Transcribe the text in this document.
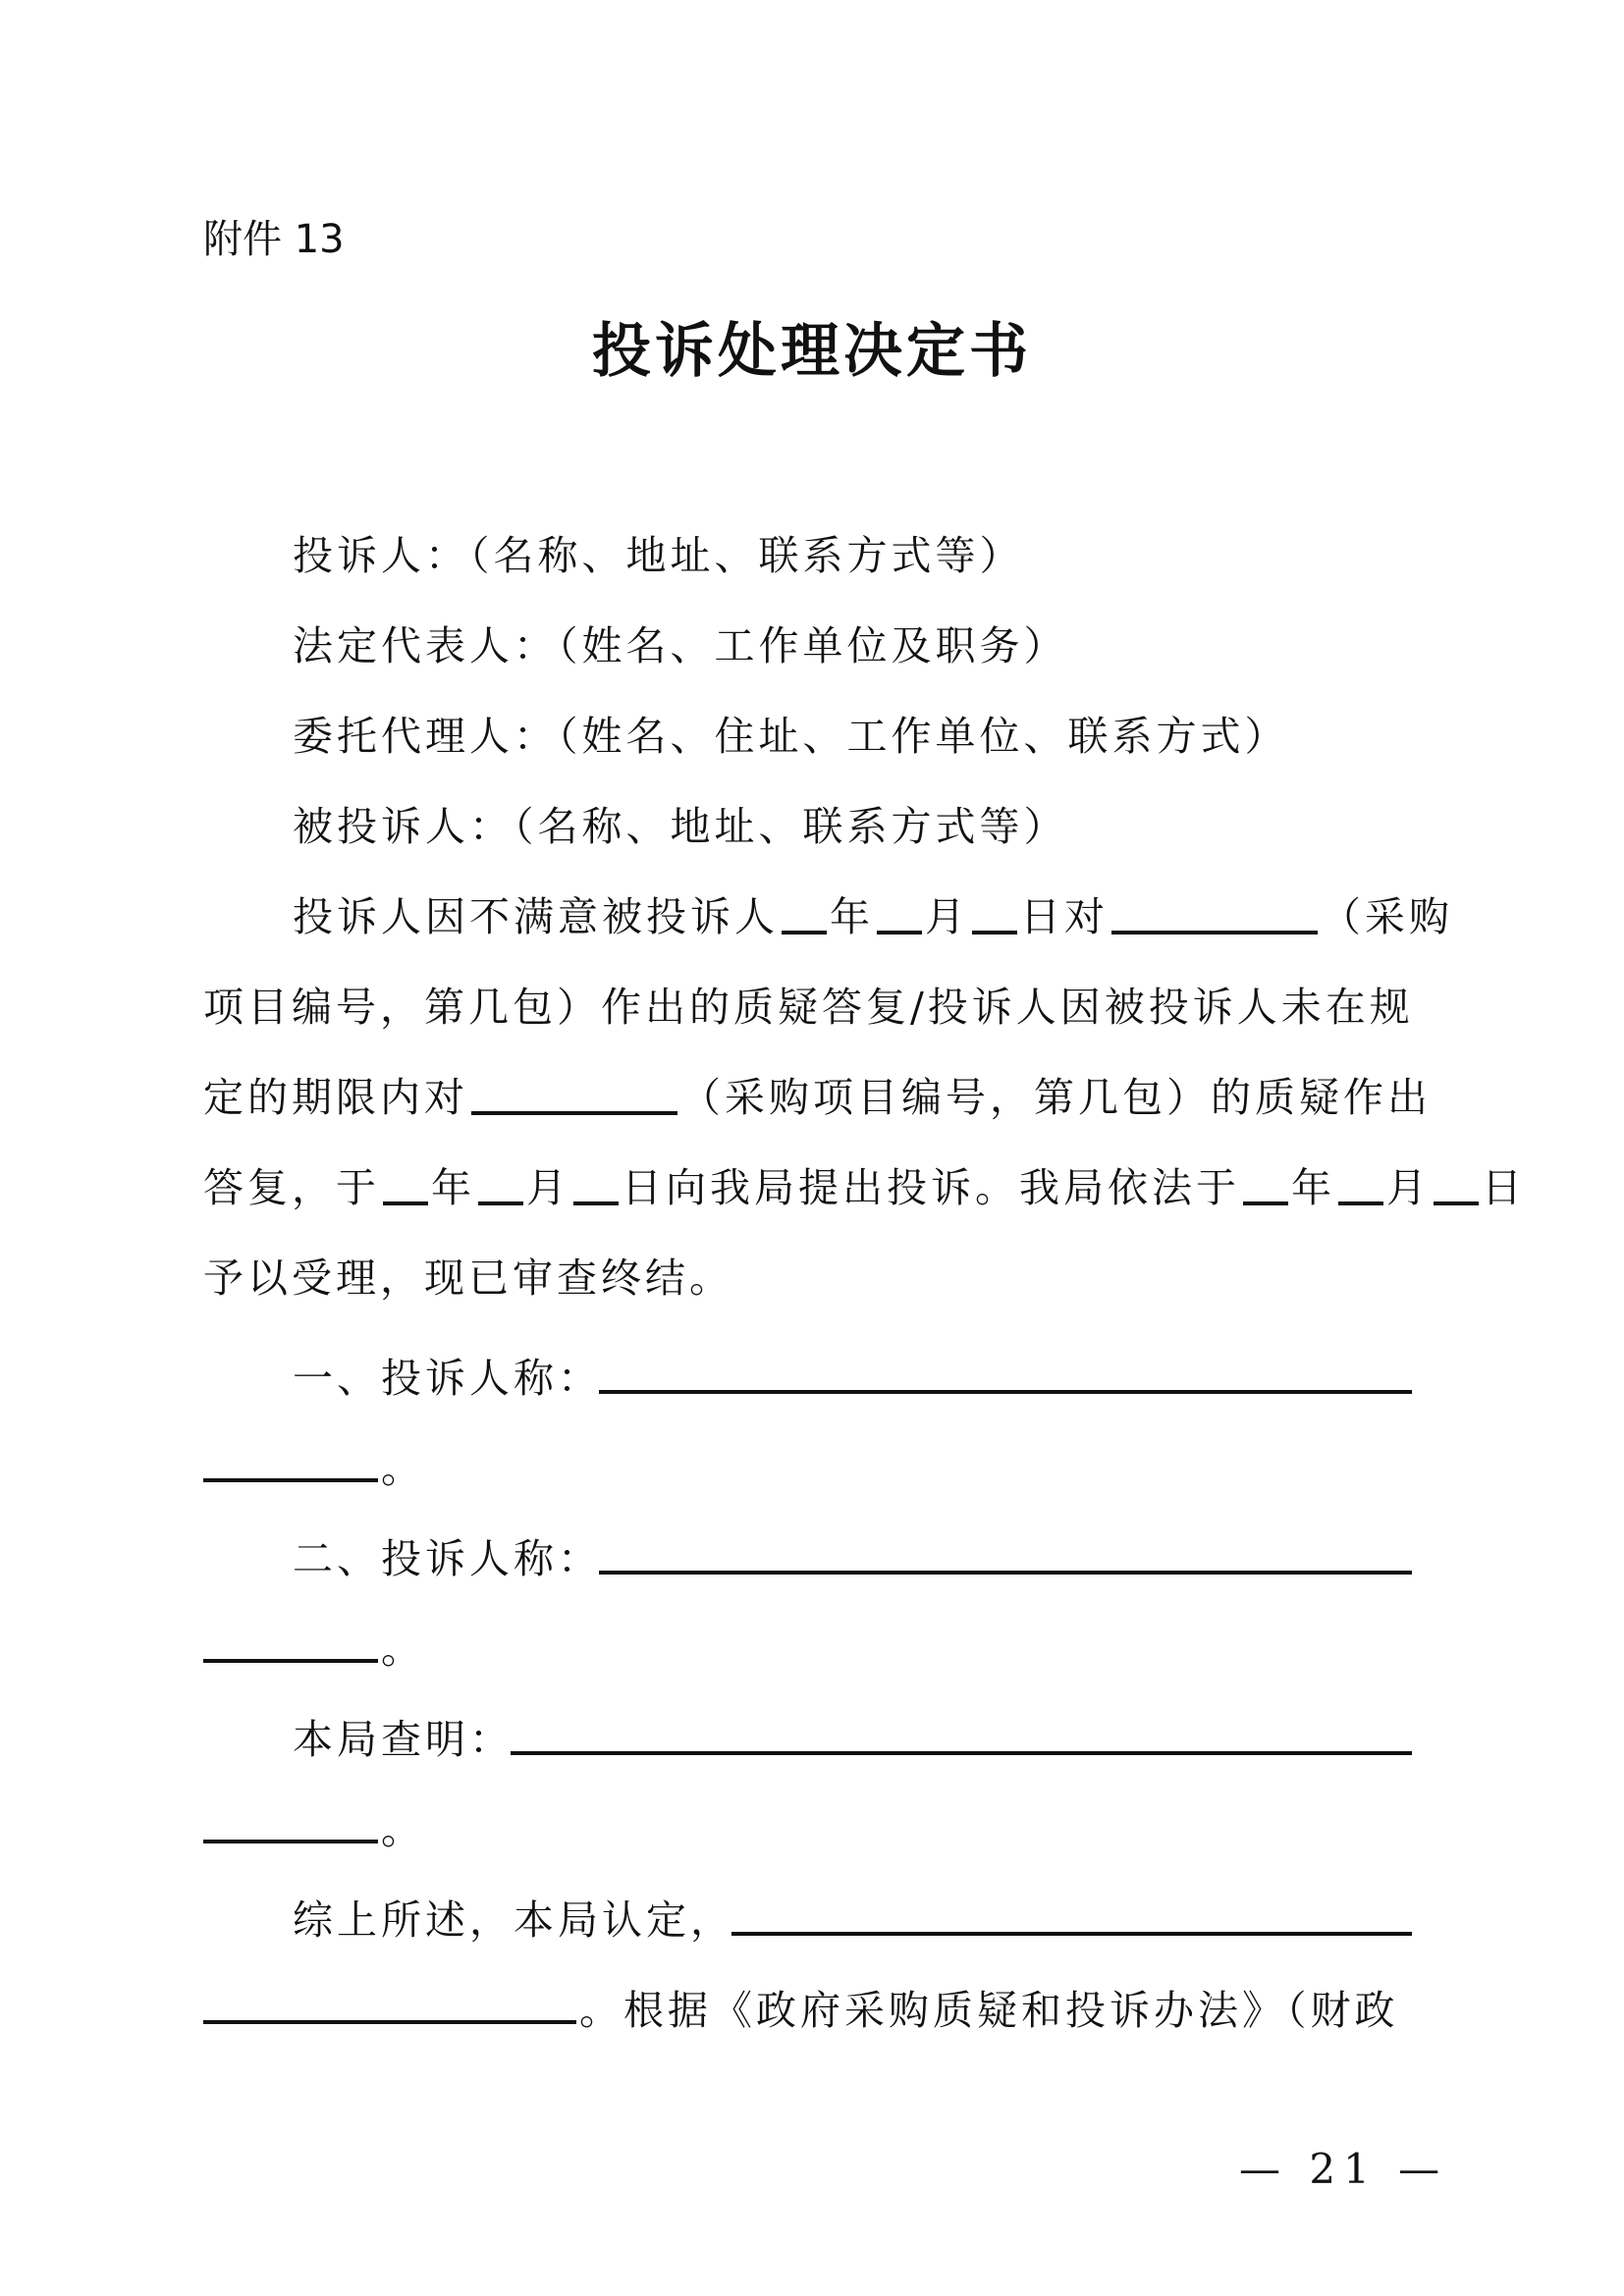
附件 13
投诉处理决定书
投诉人：（名称、地址、联系方式等）
法定代表人：（姓名、工作单位及职务）
委托代理人：（姓名、住址、工作单位、联系方式）
被投诉人：（名称、地址、联系方式等）
投诉人因不满意被投诉人 年 月 日对	（采购
项目编号，第几包）作出的质疑答复/投诉人因被投诉人未在规
定的期限内对	（采购项目编号，第几包）的质疑作出
答复，于 年 月 日向我局提出投诉。我局依法于 年 月 日
予以受理，现已审查终结。
一、投诉人称：
。
二、投诉人称：
。
本局查明：
。
综上所述，本局认定，
。根据《政府采购质疑和投诉办法》（财政
— 21 —
